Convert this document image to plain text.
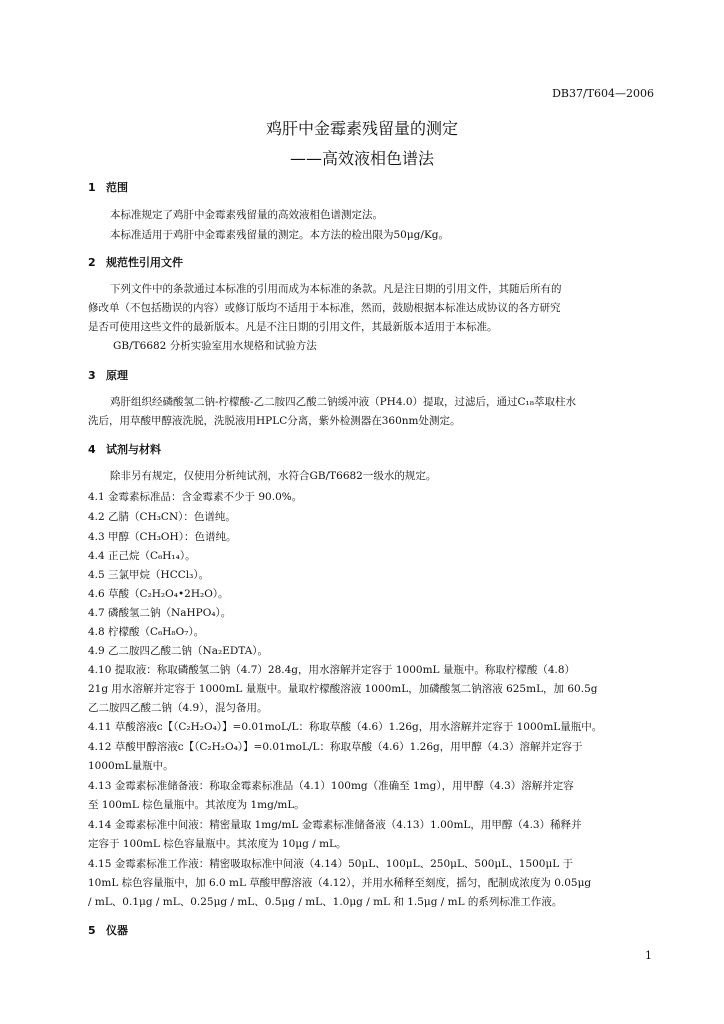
DB37/T604—2006
鸡肝中金霉素残留量的测定
——高效液相色谱法
1 范围
本标准规定了鸡肝中金霉素残留量的高效液相色谱测定法。
本标准适用于鸡肝中金霉素残留量的测定。本方法的检出限为50μg/Kg。
2 规范性引用文件
下列文件中的条款通过本标准的引用而成为本标准的条款。凡是注日期的引用文件，其随后所有的
修改单（不包括勘误的内容）或修订版均不适用于本标准，然而，鼓励根据本标准达成协议的各方研究
是否可使用这些文件的最新版本。凡是不注日期的引用文件，其最新版本适用于本标准。
GB/T6682 分析实验室用水规格和试验方法
3 原理
鸡肝组织经磷酸氢二钠-柠檬酸-乙二胺四乙酸二钠缓冲液（PH4.0）提取，过滤后，通过C₁₈萃取柱水
洗后，用草酸甲醇液洗脱，洗脱液用HPLC分离，紫外检测器在360nm处测定。
4 试剂与材料
除非另有规定，仅使用分析纯试剂，水符合GB/T6682一级水的规定。
4.1 金霉素标准品：含金霉素不少于 90.0%。
4.2 乙腈（CH₃CN）：色谱纯。
4.3 甲醇（CH₃OH）：色谱纯。
4.4 正己烷（C₆H₁₄）。
4.5 三氯甲烷（HCCl₃）。
4.6 草酸（C₂H₂O₄•2H₂O）。
4.7 磷酸氢二钠（NaHPO₄）。
4.8 柠檬酸（C₆H₈O₇）。
4.9 乙二胺四乙酸二钠（Na₂EDTA）。
4.10 提取液：称取磷酸氢二钠（4.7）28.4g，用水溶解并定容于 1000mL 量瓶中。称取柠檬酸（4.8）
21g 用水溶解并定容于 1000mL 量瓶中。量取柠檬酸溶液 1000mL，加磷酸氢二钠溶液 625mL，加 60.5g
乙二胺四乙酸二钠（4.9），混匀备用。
4.11 草酸溶液c【（C₂H₂O₄）】=0.01moL/L：称取草酸（4.6）1.26g，用水溶解并定容于 1000mL量瓶中。
4.12 草酸甲醇溶液c【（C₂H₂O₄）】=0.01moL/L：称取草酸（4.6）1.26g，用甲醇（4.3）溶解并定容于
1000mL量瓶中。
4.13 金霉素标准储备液：称取金霉素标准品（4.1）100mg（准确至 1mg），用甲醇（4.3）溶解并定容
至 100mL 棕色量瓶中。其浓度为 1mg/mL。
4.14 金霉素标准中间液：精密量取 1mg/mL 金霉素标准储备液（4.13）1.00mL，用甲醇（4.3）稀释并
定容于 100mL 棕色容量瓶中。其浓度为 10μg / mL。
4.15 金霉素标准工作液：精密吸取标准中间液（4.14）50μL、100μL、250μL、500μL、1500μL 于
10mL 棕色容量瓶中，加 6.0 mL 草酸甲醇溶液（4.12），并用水稀释至刻度，摇匀，配制成浓度为 0.05μg
/ mL、0.1μg / mL、0.25μg / mL、0.5μg / mL、1.0μg / mL 和 1.5μg / mL 的系列标准工作液。
5 仪器
1
